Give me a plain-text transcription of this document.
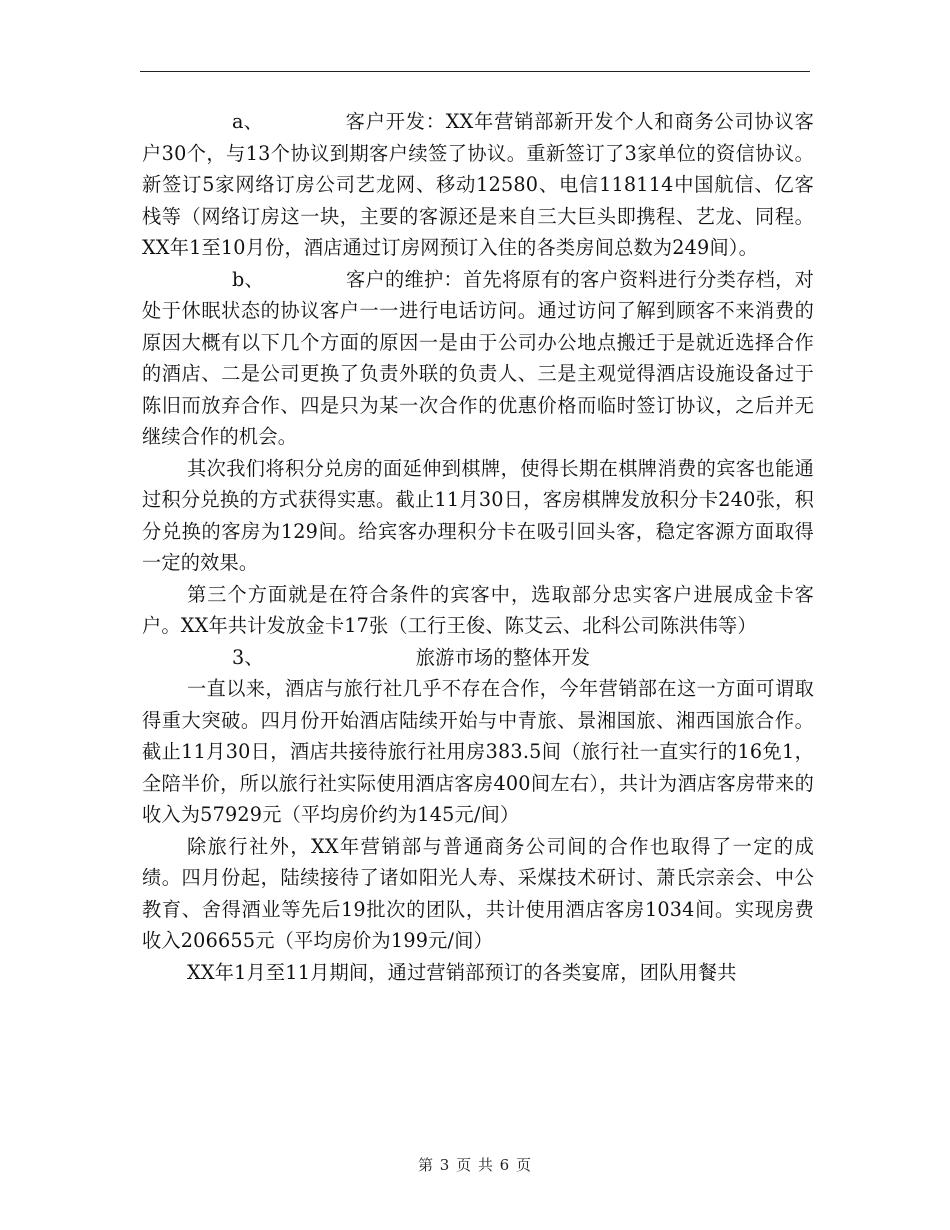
a、	客户开发：XX年营销部新开发个人和商务公司协议客户30个，与13个协议到期客户续签了协议。重新签订了3家单位的资信协议。新签订5家网络订房公司艺龙网、移动12580、电信118114中国航信、亿客栈等（网络订房这一块，主要的客源还是来自三大巨头即携程、艺龙、同程。XX年1至10月份，酒店通过订房网预订入住的各类房间总数为249间）。

b、	客户的维护：首先将原有的客户资料进行分类存档，对处于休眠状态的协议客户一一进行电话访问。通过访问了解到顾客不来消费的原因大概有以下几个方面的原因一是由于公司办公地点搬迁于是就近选择合作的酒店、二是公司更换了负责外联的负责人、三是主观觉得酒店设施设备过于陈旧而放弃合作、四是只为某一次合作的优惠价格而临时签订协议，之后并无继续合作的机会。

其次我们将积分兑房的面延伸到棋牌，使得长期在棋牌消费的宾客也能通过积分兑换的方式获得实惠。截止11月30日，客房棋牌发放积分卡240张，积分兑换的客房为129间。给宾客办理积分卡在吸引回头客，稳定客源方面取得一定的效果。

第三个方面就是在符合条件的宾客中，选取部分忠实客户进展成金卡客户。XX年共计发放金卡17张（工行王俊、陈艾云、北科公司陈洪伟等）

3、	旅游市场的整体开发

一直以来，酒店与旅行社几乎不存在合作，今年营销部在这一方面可谓取得重大突破。四月份开始酒店陆续开始与中青旅、景湘国旅、湘西国旅合作。截止11月30日，酒店共接待旅行社用房383.5间（旅行社一直实行的16免1，全陪半价，所以旅行社实际使用酒店客房400间左右），共计为酒店客房带来的收入为57929元（平均房价约为145元/间）

除旅行社外，XX年营销部与普通商务公司间的合作也取得了一定的成绩。四月份起，陆续接待了诸如阳光人寿、采煤技术研讨、萧氏宗亲会、中公教育、舍得酒业等先后19批次的团队，共计使用酒店客房1034间。实现房费收入206655元（平均房价为199元/间）

XX年1月至11月期间，通过营销部预订的各类宴席，团队用餐共

第 3 页 共 6 页
